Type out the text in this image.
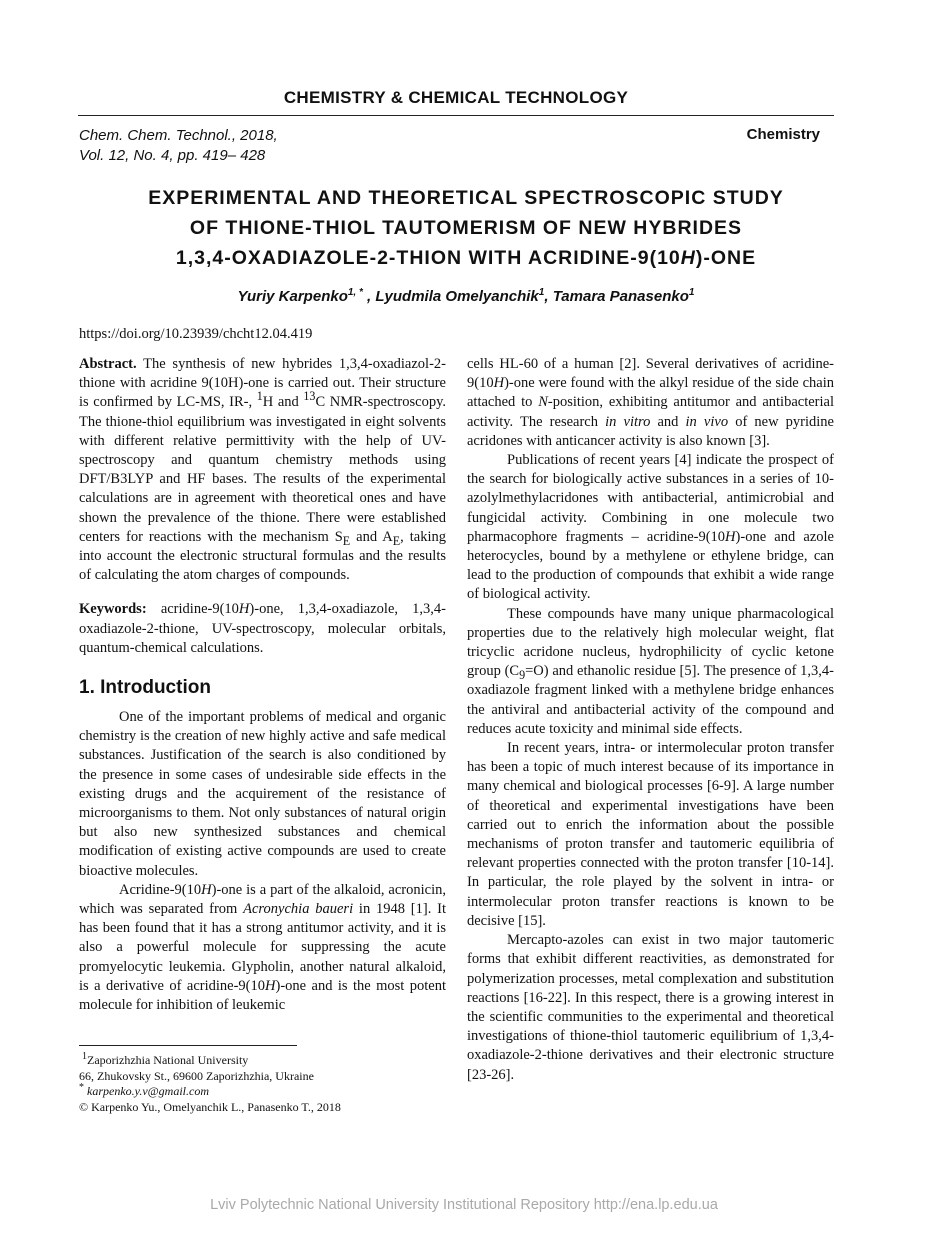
CHEMISTRY & CHEMICAL TECHNOLOGY
Chem. Chem. Technol., 2018,
Vol. 12, No. 4, pp. 419– 428
Chemistry
EXPERIMENTAL AND THEORETICAL SPECTROSCOPIC STUDY
OF THIONE-THIOL TAUTOMERISM OF NEW HYBRIDES
1,3,4-OXADIAZOLE-2-THION WITH ACRIDINE-9(10H)-ONE
Yuriy Karpenko$^{1, *}$ , Lyudmila Omelyanchik$^1$, Tamara Panasenko$^1$
https://doi.org/10.23939/chcht12.04.419

Abstract. The synthesis of new hybrides 1,3,4-oxadiazol-2-thione with acridine 9(10H)-one is carried out. Their structure is confirmed by LC-MS, IR-, $^1$H and $^{13}$C NMR-spectroscopy. The thione-thiol equilibrium was investigated in eight solvents with different relative permittivity with the help of UV-spectroscopy and quantum chemistry methods using DFT/B3LYP and HF bases. The results of the experimental calculations are in agreement with theoretical ones and have shown the prevalence of the thione. There were established centers for reactions with the mechanism $S_E$ and $A_E$, taking into account the electronic structural formulas and the results of calculating the atom charges of compounds.

Keywords: acridine-9(10H)-one, 1,3,4-oxadiazole, 1,3,4-oxadiazole-2-thione, UV-spectroscopy, molecular orbitals, quantum-chemical calculations.

1. Introduction

One of the important problems of medical and organic chemistry is the creation of new highly active and safe medical substances. Justification of the search is also conditioned by the presence in some cases of undesirable side effects in the existing drugs and the acquirement of the resistance of microorganisms to them. Not only substances of natural origin but also new synthesized substances and chemical modification of existing active compounds are used to create bioactive molecules.

Acridine-9(10H)-one is a part of the alkaloid, acronicin, which was separated from Acronychia baueri in 1948 [1]. It has been found that it has a strong antitumor activity, and it is also a powerful molecule for suppressing the acute promyelocytic leukemia. Glypholin, another natural alkaloid, is a derivative of acridine-9(10H)-one and is the most potent molecule for inhibition of leukemic

cells HL-60 of a human [2]. Several derivatives of acridine-9(10H)-one were found with the alkyl residue of the side chain attached to N-position, exhibiting antitumor and antibacterial activity. The research in vitro and in vivo of new pyridine acridones with anticancer activity is also known [3].

Publications of recent years [4] indicate the prospect of the search for biologically active substances in a series of 10-azolylmethylacridones with antibacterial, antimicrobial and fungicidal activity. Combining in one molecule two pharmacophore fragments – acridine-9(10H)-one and azole heterocycles, bound by a methylene or ethylene bridge, can lead to the production of compounds that exhibit a wide range of biological activity.

These compounds have many unique pharmacological properties due to the relatively high molecular weight, flat tricyclic acridone nucleus, hydrophilicity of cyclic ketone group $(C_9=O)$ and ethanolic residue [5]. The presence of 1,3,4-oxadiazole fragment linked with a methylene bridge enhances the antiviral and antibacterial activity of the compound and reduces acute toxicity and minimal side effects.

In recent years, intra- or intermolecular proton transfer has been a topic of much interest because of its importance in many chemical and biological processes [6-9]. A large number of theoretical and experimental investigations have been carried out to enrich the information about the possible mechanisms of proton transfer and tautomeric equilibria of relevant properties connected with the proton transfer [10-14]. In particular, the role played by the solvent in intra- or intermolecular proton transfer reactions is known to be decisive [15].

Mercapto-azoles can exist in two major tautomeric forms that exhibit different reactivities, as demonstrated for polymerization processes, metal complexation and substitution reactions [16-22]. In this respect, there is a growing interest in the scientific communities to the experimental and theoretical investigations of thione-thiol tautomeric equilibrium of 1,3,4-oxadiazole-2-thione derivatives and their electronic structure [23-26].

$^1$Zaporizhzhia National University
66, Zhukovsky St., 69600 Zaporizhzhia, Ukraine
* karpenko.y.v@gmail.com
© Karpenko Yu., Omelyanchik L., Panasenko T., 2018
Lviv Polytechnic National University Institutional Repository http://ena.lp.edu.ua
